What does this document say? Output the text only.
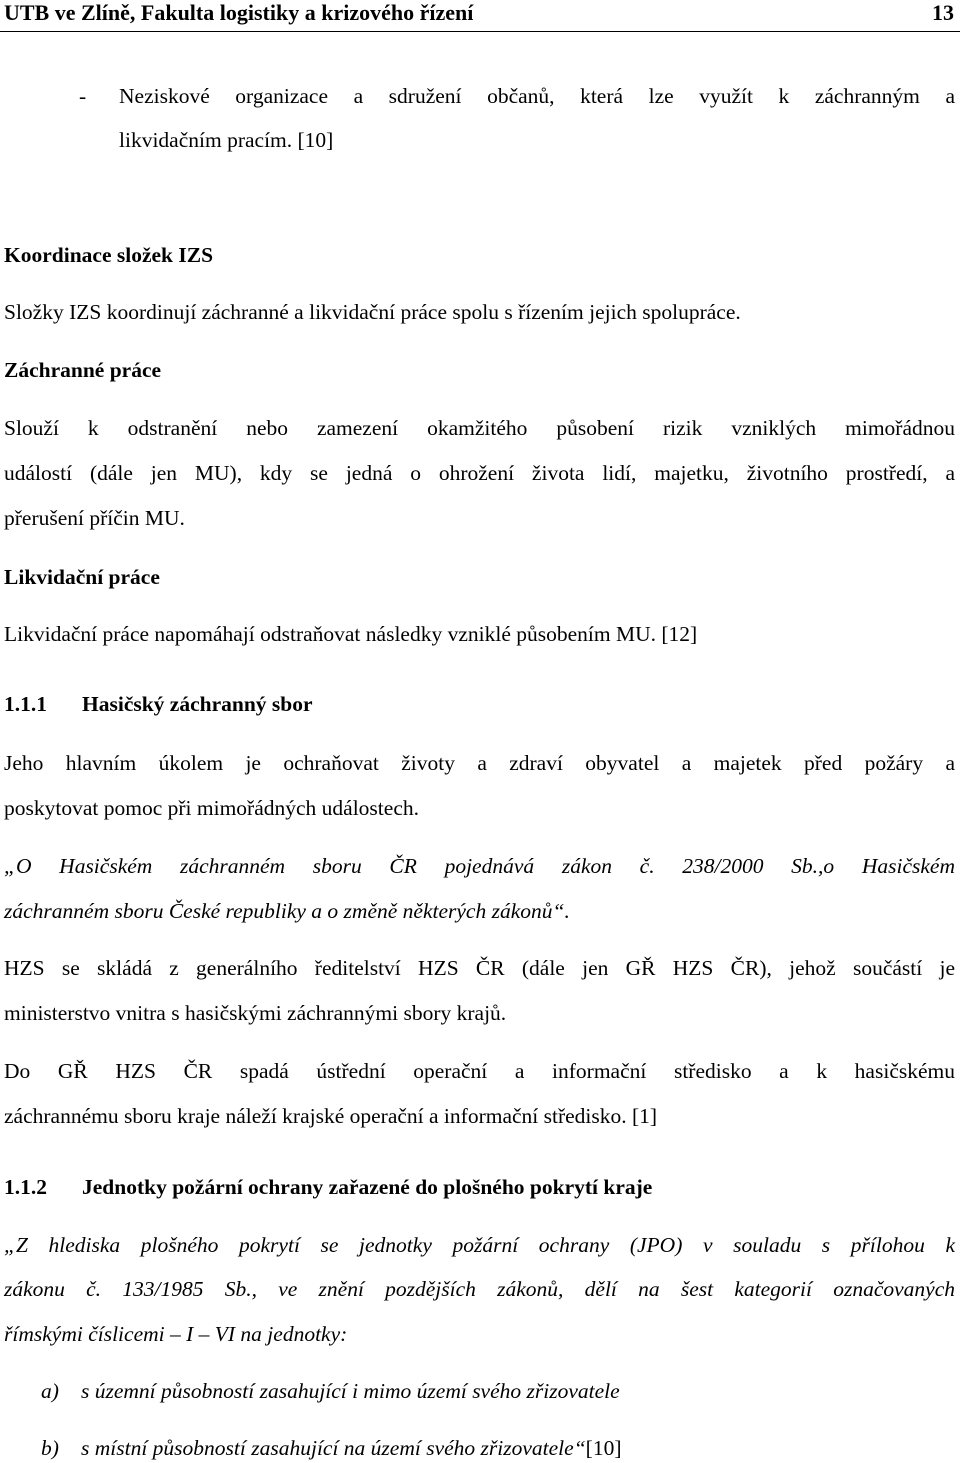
UTB ve Zlíně, Fakulta logistiky a krizového řízení	13
- Neziskové organizace a sdružení občanů, která lze využít k záchranným a
likvidačním pracím. [10]
Koordinace složek IZS
Složky IZS koordinují záchranné a likvidační práce spolu s řízením jejich spolupráce.
Záchranné práce
Slouží k odstranění nebo zamezení okamžitého působení rizik vzniklých mimořádnou
událostí (dále jen MU), kdy se jedná o ohrožení života lidí, majetku, životního prostředí, a
přerušení příčin MU.
Likvidační práce
Likvidační práce napomáhají odstraňovat následky vzniklé působením MU. [12]
1.1.1 Hasičský záchranný sbor
Jeho hlavním úkolem je ochraňovat životy a zdraví obyvatel a majetek před požáry a
poskytovat pomoc při mimořádných událostech.
„O Hasičském záchranném sboru ČR pojednává zákon č. 238/2000 Sb.,o Hasičském
záchranném sboru České republiky a o změně některých zákonů“.
HZS se skládá z generálního ředitelství HZS ČR (dále jen GŘ HZS ČR), jehož součástí je
ministerstvo vnitra s hasičskými záchrannými sbory krajů.
Do GŘ HZS ČR spadá ústřední operační a informační středisko a k hasičskému
záchrannému sboru kraje náleží krajské operační a informační středisko. [1]
1.1.2 Jednotky požární ochrany zařazené do plošného pokrytí kraje
„Z hlediska plošného pokrytí se jednotky požární ochrany (JPO) v souladu s přílohou k
zákonu č. 133/1985 Sb., ve znění pozdějších zákonů, dělí na šest kategorií označovaných
římskými číslicemi – I – VI na jednotky:
a) s územní působností zasahující i mimo území svého zřizovatele
b) s místní působností zasahující na území svého zřizovatele“[10]
